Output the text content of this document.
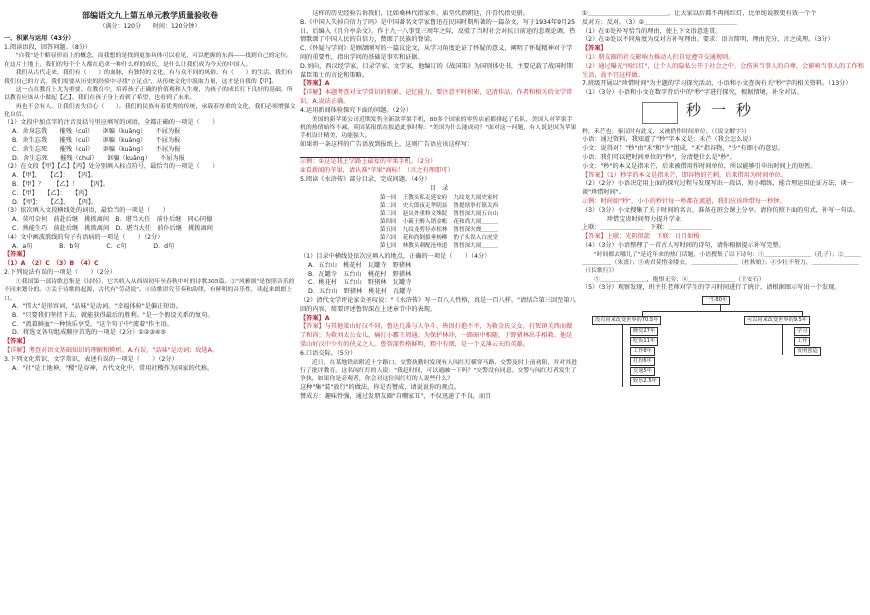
部编语文九上第五单元教学质量验收卷
（满分：120分　　时间：120分钟）
一、积累与运用（43分）
1.阅读语段，回答问题。（8分）
　　"自我"是个略显形而上的概念，而我想的是找到更加具体可以看见、可以把握的东西——找到自己的定位。在这片土地上，我们的每个个人都在追求一种什么样的成长，是什么让我们成为今天的中国人。
　　我们从古代走来，我们有（　　）的血脉，有独特的文化，有与众不同的风俗、有（　　）的生活。我们有我们自己的方式，我们需要从历史的经验中寻找"立足点"，从传统文化中汲取力量，这才是自我的【甲】。
　　这一点在教育上尤为重要。在教育中，培养孩子正确的价值观和人生观，为孩子的成长打下良好的基础，所以教育应该从小做起【乙】。我们在孩子身上看到了希望，也看到了未来。
　　再也不会有人，让我们丧失信心（　　）。我们的民族有着优秀的传统，承载着厚重的文化，我们必须增强文化自信。
（1）文段中加点字的注音及括号里应填写的词语，全都正确的一项是（　　）
A．舍身忘我　　摧残（cuī）　　诓骗（kuāng）　　不屈为报
B．舍生忘我　　摧残（cuī）　　诓骗（kuāng）　　不屈为报
C．舍生忘死　　摧残（cuī）　　诓骗（kuāng）　　不屈为报
D．舍生忘死　　摧残（chuī）　　诓骗（kuāng）　　不屈为报
（2）在文段【甲】【乙】【丙】处分别填入标点符号，最恰当的一项是（　　）
A．【甲】，　　【乙】：　　【丙】。
B．【甲】？　　【乙】！　　【丙】。
C．【甲】　　【乙】：　　【丙】
D．【甲】；　　【乙】，　　【丙】。
（3）依次填入文段横线处的词语，最恰当的一项是（　　）
A．莫可奈何　前赴后继　挑拨离间　B．堪当大任　前仆后继　同心同德
C．熟能生巧　前赴后继　挑拨离间　D．堪当大任　前仆后继　挑拨离间
（4）文中画波浪线的句子有语病的一项是（　　）（2分）
A．a句　　　　	B．b句　　　　	C．c句　　　　	D．d句
【答案】
（1）A　（2）C　（3）B　（4）C
2.下列说法有误的一项是（　　）（2分）
　　①我国第一部诗歌总集是《诗经》，它共收入从西周初年至春秋中叶的诗歌305篇。②"风雅颂"是按照音乐的不同来划分的。③关于诗歌的起源，古代有"劳动说"。④诗歌讲究节奏和韵律，有鲜明的音乐性，读起来朗朗上口。
A．"伟大"是形容词，"品味"是动词，"幸福体验"是偏正短语。
B．"只要我们坚持下去，就能获得最后的胜利。"是一个假设关系的复句。
C．"流着鲜血"一种快乐享受。"这个句子中"流着"作主语。
D．将选文各句组成顺序首选的一项是（2分）①②③④⑤
【答案】
【详解】考查对语文基础知识的理解和辨析。A.有误，"品味"是动词；故选A。
3.下列文化常识、文学常识，表述有误的一项是（　　）（2分）
A．"社"是土地神，"稷"是谷神，古代文化中，常用社稷作为国家的代称。
　　这样的历史经验告诉我们，比如桑林代指家乡，庙堂代指朝廷，汗青代指史册。
B.《中国人失掉自信力了吗》是中国著名文学家鲁迅在民国时期所著的一篇杂文，写于1934年9月25日，后编入《且介亭杂文》。作于九一八事变三周年之际，反驳了当时社会对抗日前途的悲观论调，热情歌颂了中国人民的自信力，赞颂了民族的脊梁。
C.《怀疑与学问》是顾颉刚写的一篇议论文，从学习角度论证了怀疑的意义，阐明了怀疑精神对于学问的重要性，指出学问的基础是事实和证据。
D.刘向，西汉经学家、目录学家、文学家，他编订的《战国策》为国别体史书，主要记载了战国时期谋臣策士的言论和策略。
【答案】A
【详解】本题考查对文学常识的积累、记忆能力。要注意平时积累，记清作品、作者和相关的文学常识。A.说法正确。
4.运用新闻体验探究下面的问题。（2分）
　　美国的新苹果公司近期发售全新款苹果手机，80多个国家的零售店前都排起了长队，美国人对苹果手机的热情始终不减。英国某报纸在报道此事时称："美国为什么能成功？"面对这一问题，有人说是因为苹果手机设计精美、功能强大。
如果将一条这样的广告语放到报纸上，这则广告语应该这样写：
示例：①这是我上学路上最爱的苹果手机。（2分）
②看新闻的苹果，请认准"苹果"商标！（言之有理即可）
5.阅读《水浒传》部分目录，完成问题。（4分）
目　录
第一回	王教头私走延安府	九纹龙大闹史家村
第二回	史大郎夜走华阴县	鲁提辖拳打镇关西
第三回	赵员外重修文殊院	鲁智深大闹五台山
第四回	小霸王醉入销金帐	花和尚大闹＿＿＿
第五回	九纹龙剪径赤松林	鲁智深火烧＿＿＿
第六回	花和尚倒拔垂杨柳	豹子头误入白虎堂
第七回	林教头刺配沧州道	鲁智深大闹＿＿＿
（1）目录中横线处依次应填入的地点，正确的一项是（　　）（4分）
A．五台山　桃花村　瓦罐寺　野猪林
B．瓦罐寺　五台山　桃花村　野猪林
C．桃花村　五台山　野猪林　瓦罐寺
D．五台山　野猪林　桃花村　瓦罐寺
（2）清代文学评论家金圣叹说："《水浒传》写一百八人性格，真是一百八样。"请结合第三回至第八回的内容，简要评述鲁智深在上述章节中的表现。
【答案】A
【答案】与其他梁山好汉不同，鲁达几番与人争斗，皆因打抱不平，为救金氏父女，打死镇关西而做了和尚；为救刘太公女儿，痛打小霸王周通；为保护林冲，一路暗中相随，于野猪林出手相救。他是梁山好汉中少有的侠义之人。鲁智深性格鲜明，粗中有细，是一个义薄云天的英雄。
6.口语交际。（5分）
　　近日，在某地铁站附近十字路口，交警执勤时发现有人闯红灯横穿马路，交警及时上前劝阻，并对其进行了批评教育。这名闯红灯的人说："我赶时间，可以通融一下吗？"交警没有同意。交警与闯红灯者发生了争执，如果你是旁观者，你会对这位闯红灯的人说些什么？
这种"集"装"放行"的做法，你是否赞成，请说说你的观点。
赞成方：趣味性强，通过发朋友圈"自嘲家丑"，不仅迅速了不良，而且
①＿＿＿＿＿＿＿＿＿＿＿＿＿，让大家以后都不再闯红灯，比单纯说教更有效一个个
反对方：反对。（3）②＿＿＿＿＿＿＿＿＿＿＿＿＿＿＿
（1）在①处补写恰当的理由，使上下文语意连贯。
（2）在②处以不同角度为反对方补写理由。要求：语言简明，理由充分，言之成理。（3分）
【答案】
（1）朋友圈的社交影响力推动人们自觉遵守交通规则。
（2）通过曝光"闯红灯"，让个人的隐私公开于社会之中，会伤害当事人的自尊，会影响当事人的工作和生活，故不宜这样做。
7.班级开展以"珍惜时间"为主题的学习探究活动，小语和小文查询有关"秒"字的相关资料。（13分）
（1）（3分）小语和小文在数字背后中的"秒"字进行探究，根据情境，补全对话。
秒 一 秒
秒，禾芒也。秦汉时有此义，又被借作时间单位。（《说文解字》）
小语：通过资料，我知道了"秒"字本义是：禾芒（我会怎么说）
小文：说得对！"秒"由"禾"和"少"组成，"禾"指谷物，"少"有细小的意思。
小语：我们可以把时间单位的"秒"，分清楚什么是"秒"。
小文："秒"的本义是指禾芒，后来被借用作时间单位，所以能够引申出时间上的短暂。
【答案】（1）秒字的本义是指禾芒，即谷物的芒刺，后来借用为时间单位。
（2）（2分）小语决定用上面的探究过程与发现写出一段话，短小精练，能合理运用论证方法，谈一谈"珍惜时间"。
示例：时间如"秒"，小小的秒针每一秒都在流逝，我们应该珍惜每一秒钟。
（3）（3分）小文搜集了关于时间的名言，准备在班会课上分享。请你仿照下面的句式，补写一句话。
　　　　珍惜宝贵时间努力提升学业
上联：＿＿＿＿＿＿＿　下联：＿＿＿＿＿＿＿
【答案】上联：光阴似箭　下联：日月如梭
（4）（3分）小语整理了一首古人写时间的诗句，请你根据提示补写完整。
　　"时间都去哪儿了"是近年来的热门话题，小语搜集了以下诗句：①＿＿＿＿＿＿＿＿（孔子）；②＿＿＿＿＿＿＿＿（朱熹）；③劝君莫惜金缕衣，＿＿＿＿＿＿＿＿（杜秋娘）；④少壮不努力，＿＿＿＿＿＿＿＿（《长歌行》）
　　⑤＿＿＿＿＿＿＿＿，抱恨无穷；⑥＿＿＿＿＿＿＿＿（王安石）
（5）（3分）观察发现，班主任老师对学生的学习时间进行了统计，请根据图示写出一个发现。
一生80年
没有用来改变世界的70.5年	可以用来改变世界的9.5年
睡觉27年
吃饭11年
工作8年
打扮6年
交通5年
娱乐2.5年
学习
工作
发明创造
